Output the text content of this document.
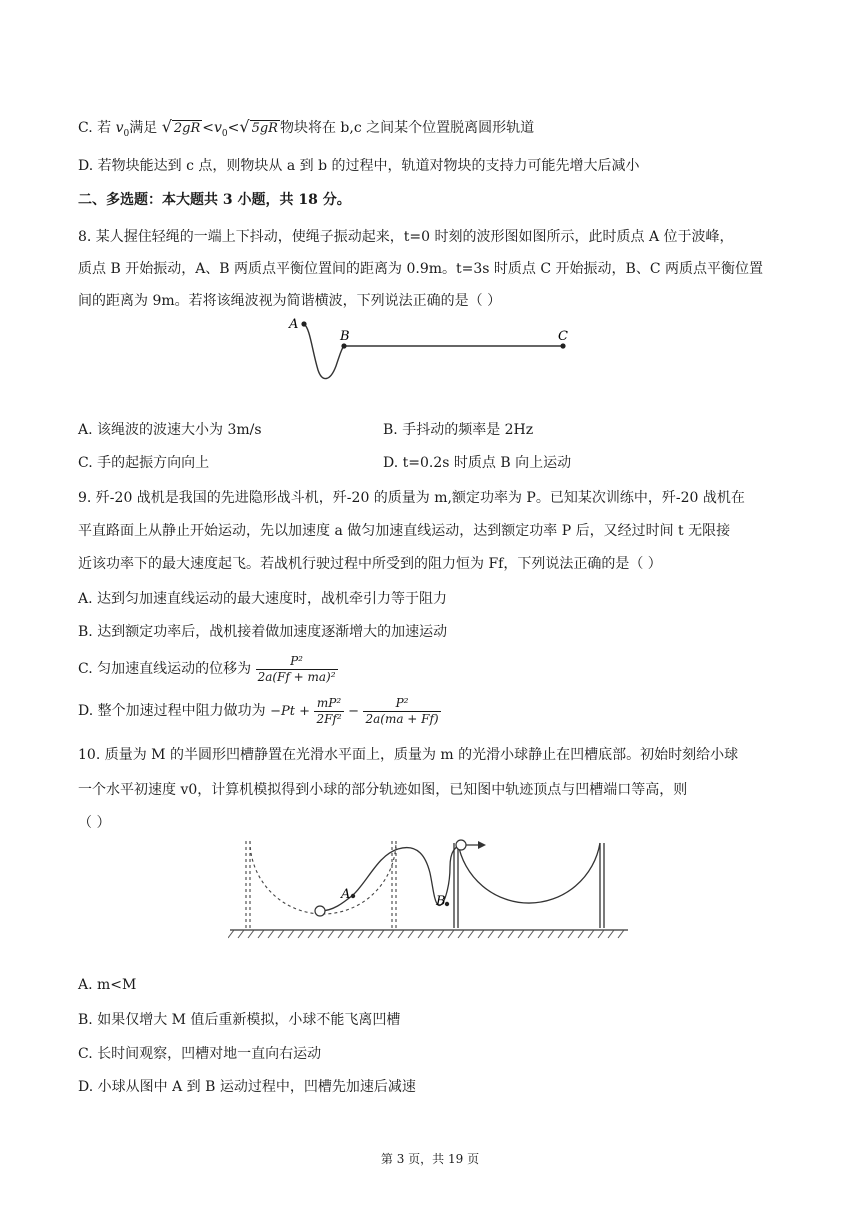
C. 若 $v_0$满足 √ $2gR <v_0<√$ 5gR 物块将在 b,c 之间某个位置脱离圆形轨道
D. 若物块能达到 c 点，则物块从 a 到 b 的过程中，轨道对物块的支持力可能先增大后减小
二、多选题：本大题共 3 小题，共 18 分。
8. 某人握住轻绳的一端上下抖动，使绳子振动起来，t=0 时刻的波形图如图所示，此时质点 A 位于波峰，
质点 B 开始振动，A、B 两质点平衡位置间的距离为 0.9m。t=3s 时质点 C 开始振动，B、C 两质点平衡位置
间的距离为 9m。若将该绳波视为简谐横波，下列说法正确的是（ ）
A
B	C
A. 该绳波的波速大小为 3m/s	B. 手抖动的频率是 2Hz
C. 手的起振方向向上	D. t=0.2s 时质点 B 向上运动
9. 歼-20 战机是我国的先进隐形战斗机，歼-20 的质量为 m,额定功率为 P。已知某次训练中，歼-20 战机在
平直路面上从静止开始运动，先以加速度 a 做匀加速直线运动，达到额定功率 P 后，又经过时间 t 无限接
近该功率下的最大速度起飞。若战机行驶过程中所受到的阻力恒为 Ff，下列说法正确的是（ ）
A. 达到匀加速直线运动的最大速度时，战机牵引力等于阻力
B. 达到额定功率后，战机接着做加速度逐渐增大的加速运动
C. 匀加速直线运动的位移为 $\frac{\text{P²}}{\text{2a(Ff + ma)²}}$
D. 整个加速过程中阻力做功为 $-Pt + \frac{\text{mP²}}{\text{2Ff²}} - \frac{\text{P²}}{2a(ma + Ff)}$
10. 质量为 M 的半圆形凹槽静置在光滑水平面上，质量为 m 的光滑小球静止在凹槽底部。初始时刻给小球
一个水平初速度 v0，计算机模拟得到小球的部分轨迹如图，已知图中轨迹顶点与凹槽端口等高，则
（ ）
A	B
A. m<M
B. 如果仅增大 M 值后重新模拟，小球不能飞离凹槽
C. 长时间观察，凹槽对地一直向右运动
D. 小球从图中 A 到 B 运动过程中，凹槽先加速后减速
第 3 页，共 19 页
